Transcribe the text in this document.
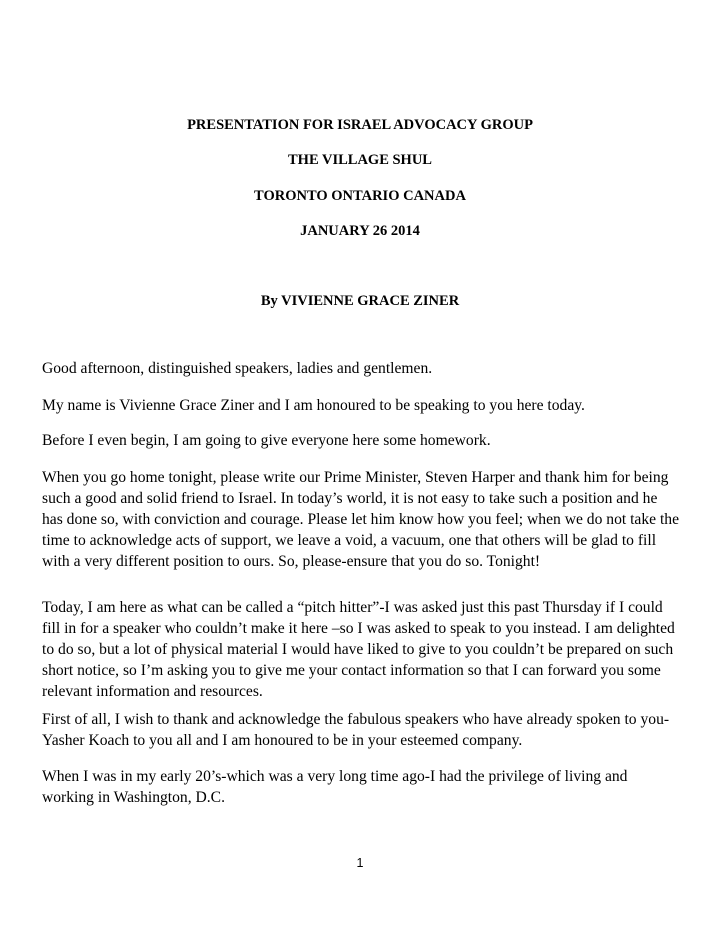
PRESENTATION FOR ISRAEL ADVOCACY GROUP
THE VILLAGE SHUL
TORONTO ONTARIO CANADA
JANUARY 26 2014
By VIVIENNE GRACE ZINER

Good afternoon, distinguished speakers, ladies and gentlemen.

My name is Vivienne Grace Ziner and I am honoured to be speaking to you here today.

Before I even begin, I am going to give everyone here some homework.

When you go home tonight, please write our Prime Minister, Steven Harper and thank him for being such a good and solid friend to Israel. In today’s world, it is not easy to take such a position and he has done so, with conviction and courage. Please let him know how you feel; when we do not take the time to acknowledge acts of support, we leave a void, a vacuum, one that others will be glad to fill with a very different position to ours. So, please-ensure that you do so. Tonight!

Today, I am here as what can be called a “pitch hitter”-I was asked just this past Thursday if I could fill in for a speaker who couldn’t make it here –so I was asked to speak to you instead. I am delighted to do so, but a lot of physical material I would have liked to give to you couldn’t be prepared on such short notice, so I’m asking you to give me your contact information so that I can forward you some relevant information and resources.

First of all, I wish to thank and acknowledge the fabulous speakers who have already spoken to you- Yasher Koach to you all and I am honoured to be in your esteemed company.

When I was in my early 20’s-which was a very long time ago-I had the privilege of living and working in Washington, D.C.

1
